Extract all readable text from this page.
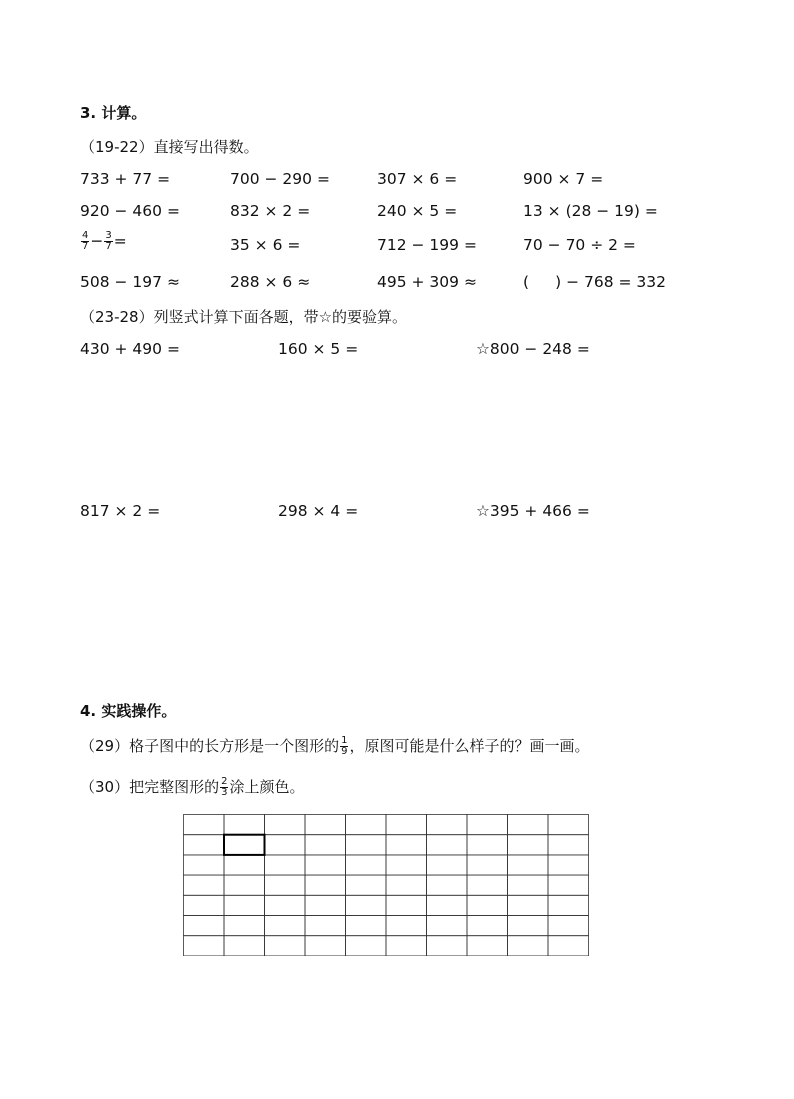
3. 计算。
（19-22）直接写出得数。
733 + 77 =	700 − 290 =	307 × 6 =	900 × 7 =
920 − 460 =	832 × 2 =	240 × 5 =	13 × (28 − 19) =
$\frac{4}{7} - \frac{3}{7}$ =	35 × 6 =	712 − 199 =	70 − 70 ÷ 2 =
508 − 197 ≈	288 × 6 ≈	495 + 309 ≈	( ) − 768 = 332
（23-28）列竖式计算下面各题，带☆的要验算。
430 + 490 =	160 × 5 =	☆800 − 248 =
817 × 2 =	298 × 4 =	☆395 + 466 =
4. 实践操作。
（29）格子图中的长方形是一个图形的 $\frac{1}{9}$ ，原图可能是什么样子的？画一画。
（30）把完整图形的 $\frac{2}{3}$ 涂上颜色。
